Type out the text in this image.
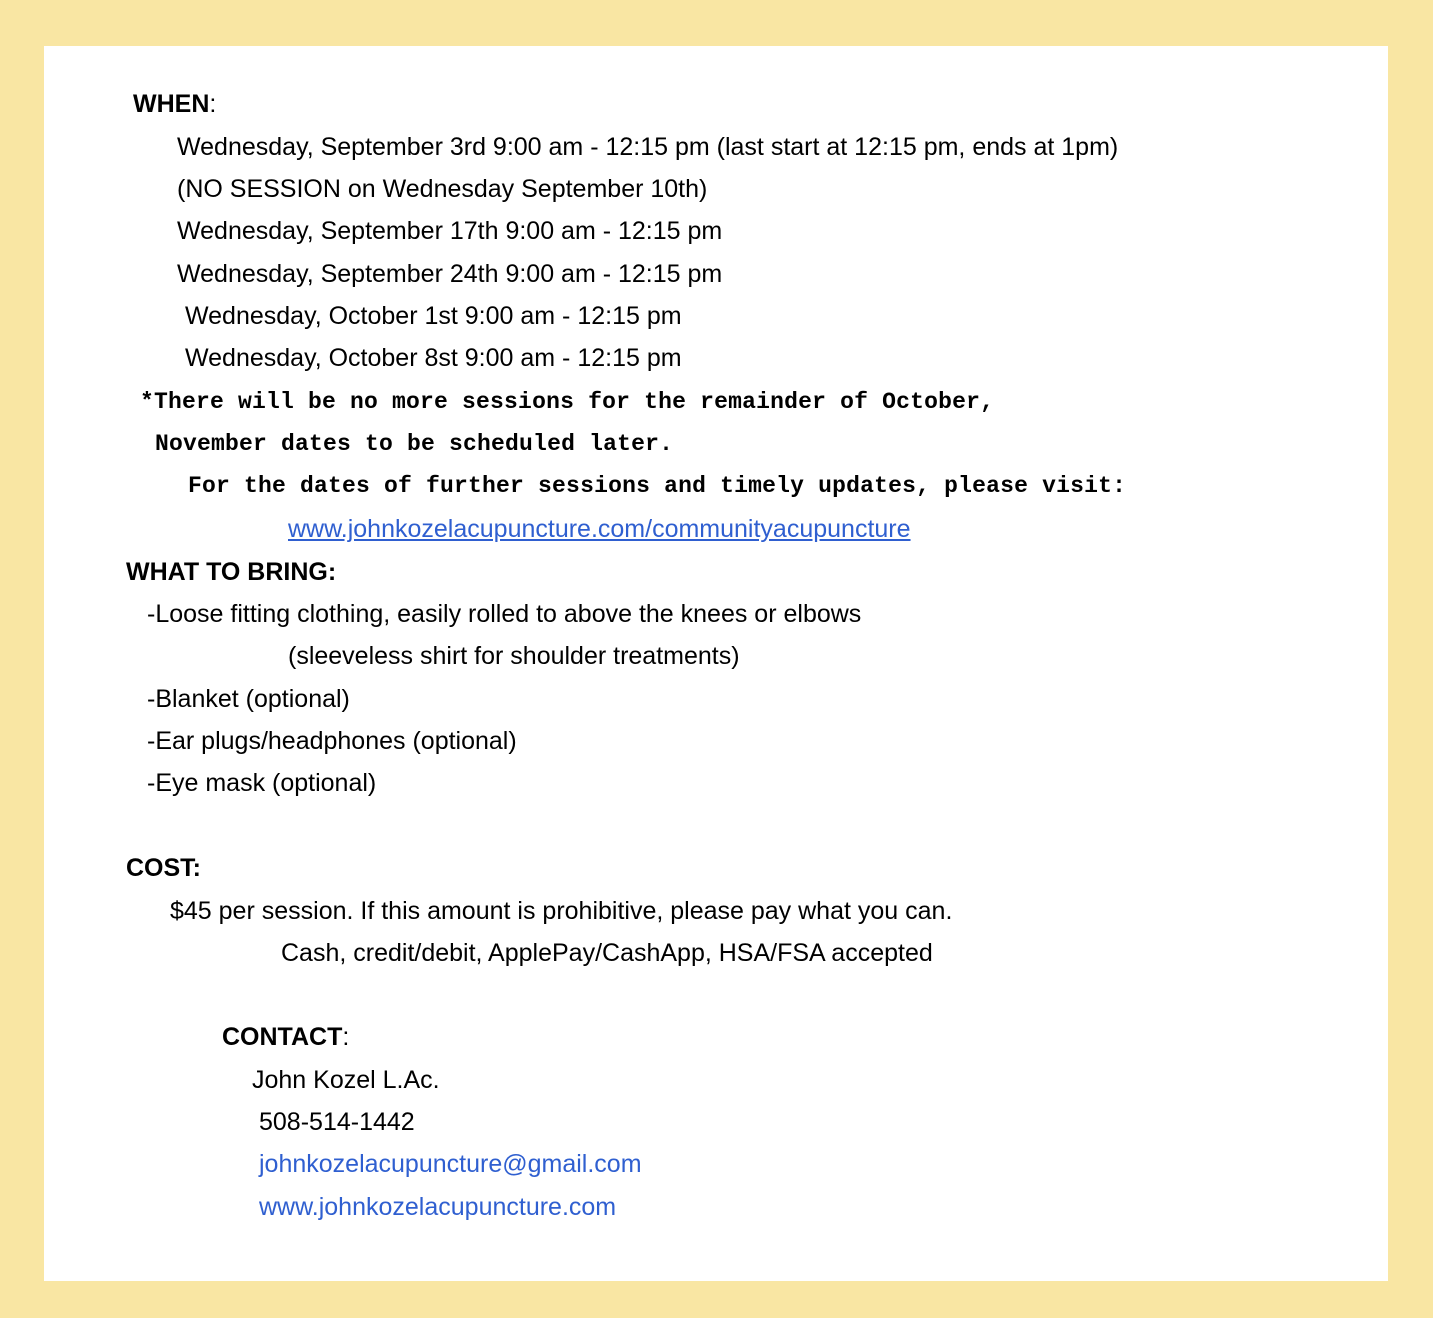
WHEN:
Wednesday, September 3rd 9:00 am - 12:15 pm (last start at 12:15 pm, ends at 1pm)
(NO SESSION on Wednesday September 10th)
Wednesday, September 17th 9:00 am - 12:15 pm
Wednesday, September 24th 9:00 am - 12:15 pm
Wednesday, October 1st 9:00 am - 12:15 pm
Wednesday, October 8st 9:00 am - 12:15 pm
*There will be no more sessions for the remainder of October,
November dates to be scheduled later.
For the dates of further sessions and timely updates, please visit:
www.johnkozelacupuncture.com/communityacupuncture
WHAT TO BRING:
-Loose fitting clothing, easily rolled to above the knees or elbows
(sleeveless shirt for shoulder treatments)
-Blanket (optional)
-Ear plugs/headphones (optional)
-Eye mask (optional)
COST:
$45 per session. If this amount is prohibitive, please pay what you can.
Cash, credit/debit, ApplePay/CashApp, HSA/FSA accepted
CONTACT:
John Kozel L.Ac.
508-514-1442
johnkozelacupuncture@gmail.com
www.johnkozelacupuncture.com
